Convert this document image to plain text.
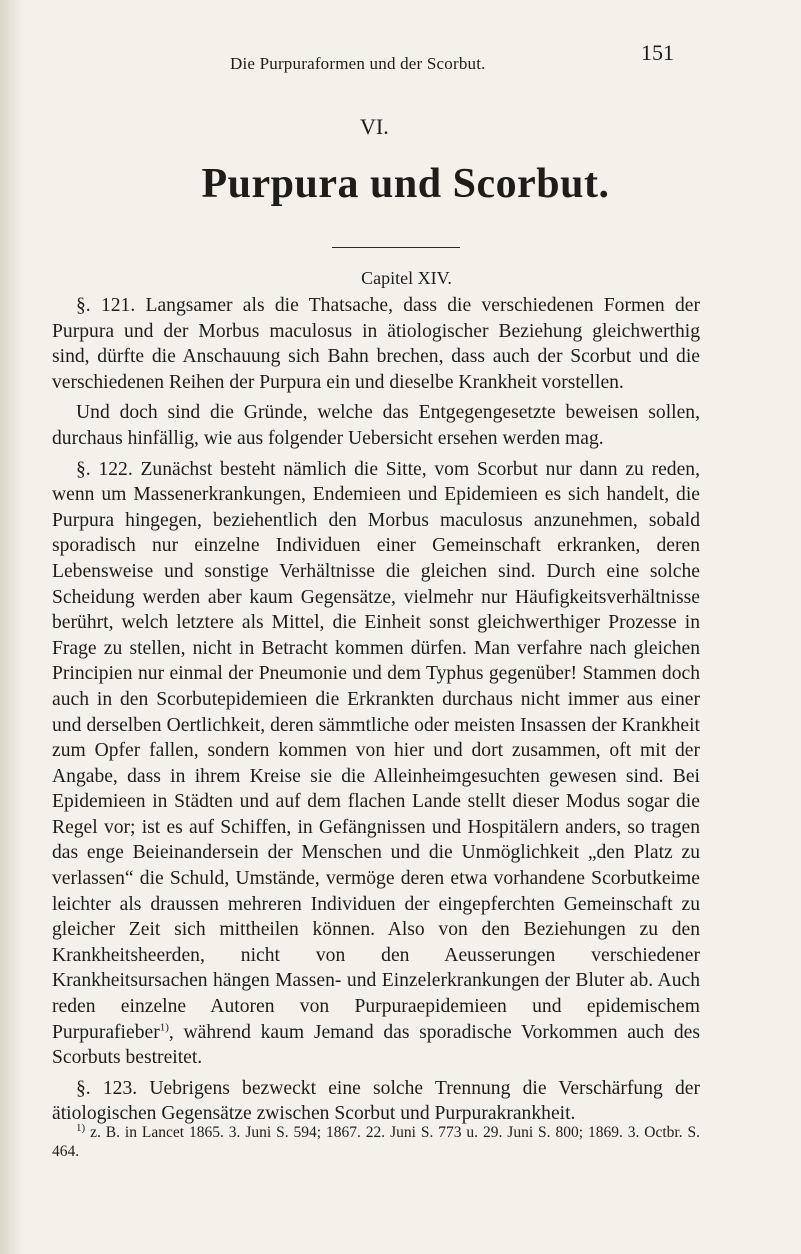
Die Purpuraformen und der Scorbut.	151
VI.
Purpura und Scorbut.
Capitel XIV.

§. 121. Langsamer als die Thatsache, dass die verschiedenen Formen der Purpura und der Morbus maculosus in ätiologischer Beziehung gleichwerthig sind, dürfte die Anschauung sich Bahn brechen, dass auch der Scorbut und die verschiedenen Reihen der Purpura ein und dieselbe Krankheit vorstellen.

Und doch sind die Gründe, welche das Entgegengesetzte beweisen sollen, durchaus hinfällig, wie aus folgender Uebersicht ersehen werden mag.

§. 122. Zunächst besteht nämlich die Sitte, vom Scorbut nur dann zu reden, wenn um Massenerkrankungen, Endemieen und Epidemieen es sich handelt, die Purpura hingegen, beziehentlich den Morbus maculosus anzunehmen, sobald sporadisch nur einzelne Individuen einer Gemeinschaft erkranken, deren Lebensweise und sonstige Verhältnisse die gleichen sind. Durch eine solche Scheidung werden aber kaum Gegensätze, vielmehr nur Häufigkeitsverhältnisse berührt, welch letztere als Mittel, die Einheit sonst gleichwerthiger Prozesse in Frage zu stellen, nicht in Betracht kommen dürfen. Man verfahre nach gleichen Principien nur einmal der Pneumonie und dem Typhus gegenüber! Stammen doch auch in den Scorbutepidemieen die Erkrankten durchaus nicht immer aus einer und derselben Oertlichkeit, deren sämmtliche oder meisten Insassen der Krankheit zum Opfer fallen, sondern kommen von hier und dort zusammen, oft mit der Angabe, dass in ihrem Kreise sie die Alleinheimgesuchten gewesen sind. Bei Epidemieen in Städten und auf dem flachen Lande stellt dieser Modus sogar die Regel vor; ist es auf Schiffen, in Gefängnissen und Hospitälern anders, so tragen das enge Beieinandersein der Menschen und die Unmöglichkeit „den Platz zu verlassen“ die Schuld, Umstände, vermöge deren etwa vorhandene Scorbutkeime leichter als draussen mehreren Individuen der eingepferchten Gemeinschaft zu gleicher Zeit sich mittheilen können. Also von den Beziehungen zu den Krankheitsheerden, nicht von den Aeusserungen verschiedener Krankheitsursachen hängen Massen- und Einzelerkrankungen der Bluter ab. Auch reden einzelne Autoren von Purpuraepidemieen und epidemischem Purpurafieber$^{1)}$, während kaum Jemand das sporadische Vorkommen auch des Scorbuts bestreitet.

§. 123. Uebrigens bezweckt eine solche Trennung die Verschärfung der ätiologischen Gegensätze zwischen Scorbut und Purpurakrankheit.

$^{1)}$ z. B. in Lancet 1865. 3. Juni S. 594; 1867. 22. Juni S. 773 u. 29. Juni S. 800; 1869. 3. Octbr. S. 464.
